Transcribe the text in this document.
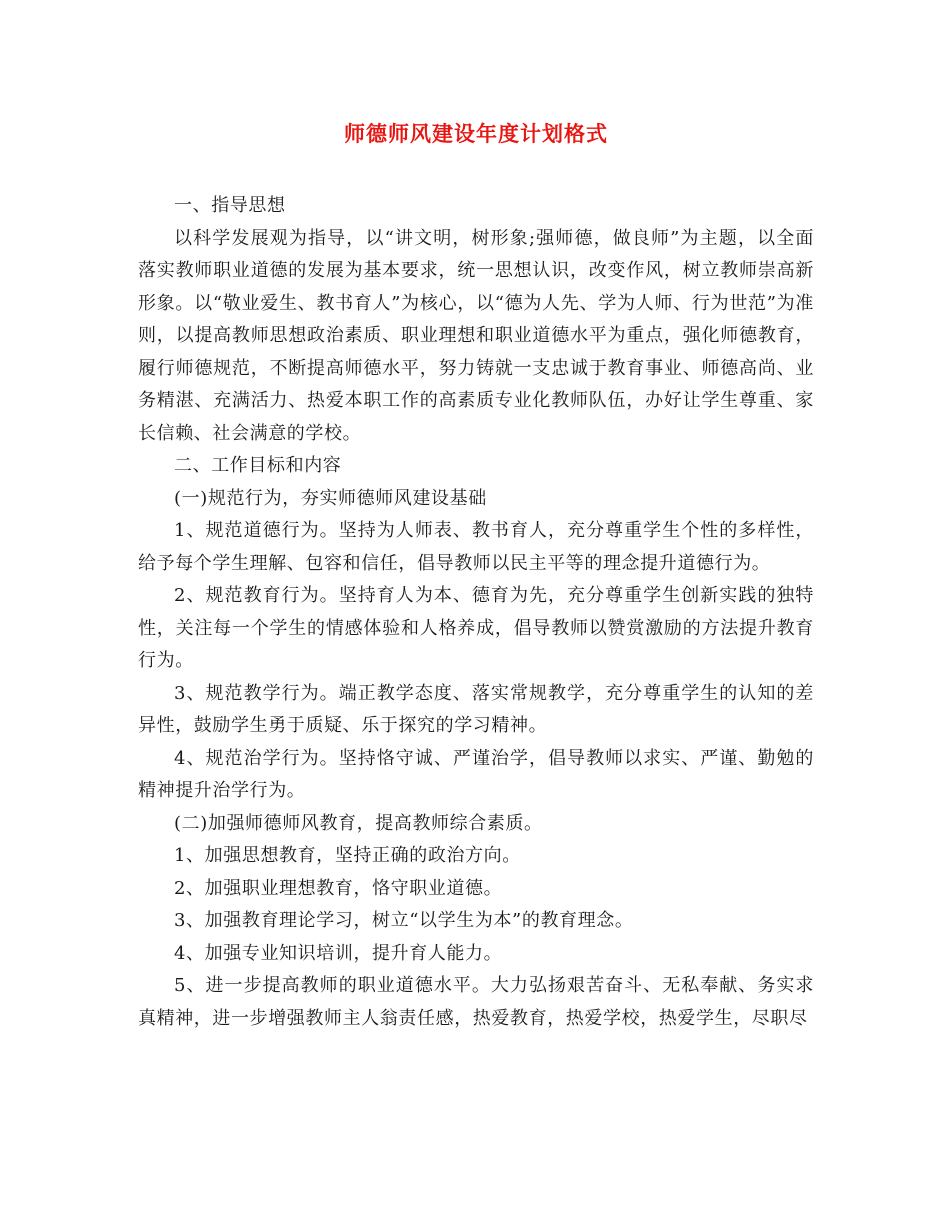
师德师风建设年度计划格式

一、指导思想

以科学发展观为指导，以“讲文明，树形象;强师德，做良师”为主题，以全面落实教师职业道德的发展为基本要求，统一思想认识，改变作风，树立教师崇高新形象。以“敬业爱生、教书育人”为核心，以“德为人先、学为人师、行为世范”为准则，以提高教师思想政治素质、职业理想和职业道德水平为重点，强化师德教育，履行师德规范，不断提高师德水平，努力铸就一支忠诚于教育事业、师德高尚、业务精湛、充满活力、热爱本职工作的高素质专业化教师队伍，办好让学生尊重、家长信赖、社会满意的学校。

二、工作目标和内容

(一)规范行为，夯实师德师风建设基础

1、规范道德行为。坚持为人师表、教书育人，充分尊重学生个性的多样性，给予每个学生理解、包容和信任，倡导教师以民主平等的理念提升道德行为。

2、规范教育行为。坚持育人为本、德育为先，充分尊重学生创新实践的独特性，关注每一个学生的情感体验和人格养成，倡导教师以赞赏激励的方法提升教育行为。

3、规范教学行为。端正教学态度、落实常规教学，充分尊重学生的认知的差异性，鼓励学生勇于质疑、乐于探究的学习精神。

4、规范治学行为。坚持恪守诚、严谨治学，倡导教师以求实、严谨、勤勉的精神提升治学行为。

(二)加强师德师风教育，提高教师综合素质。

1、加强思想教育，坚持正确的政治方向。

2、加强职业理想教育，恪守职业道德。

3、加强教育理论学习，树立“以学生为本”的教育理念。

4、加强专业知识培训，提升育人能力。

5、进一步提高教师的职业道德水平。大力弘扬艰苦奋斗、无私奉献、务实求真精神，进一步增强教师主人翁责任感，热爱教育，热爱学校，热爱学生，尽职尽
